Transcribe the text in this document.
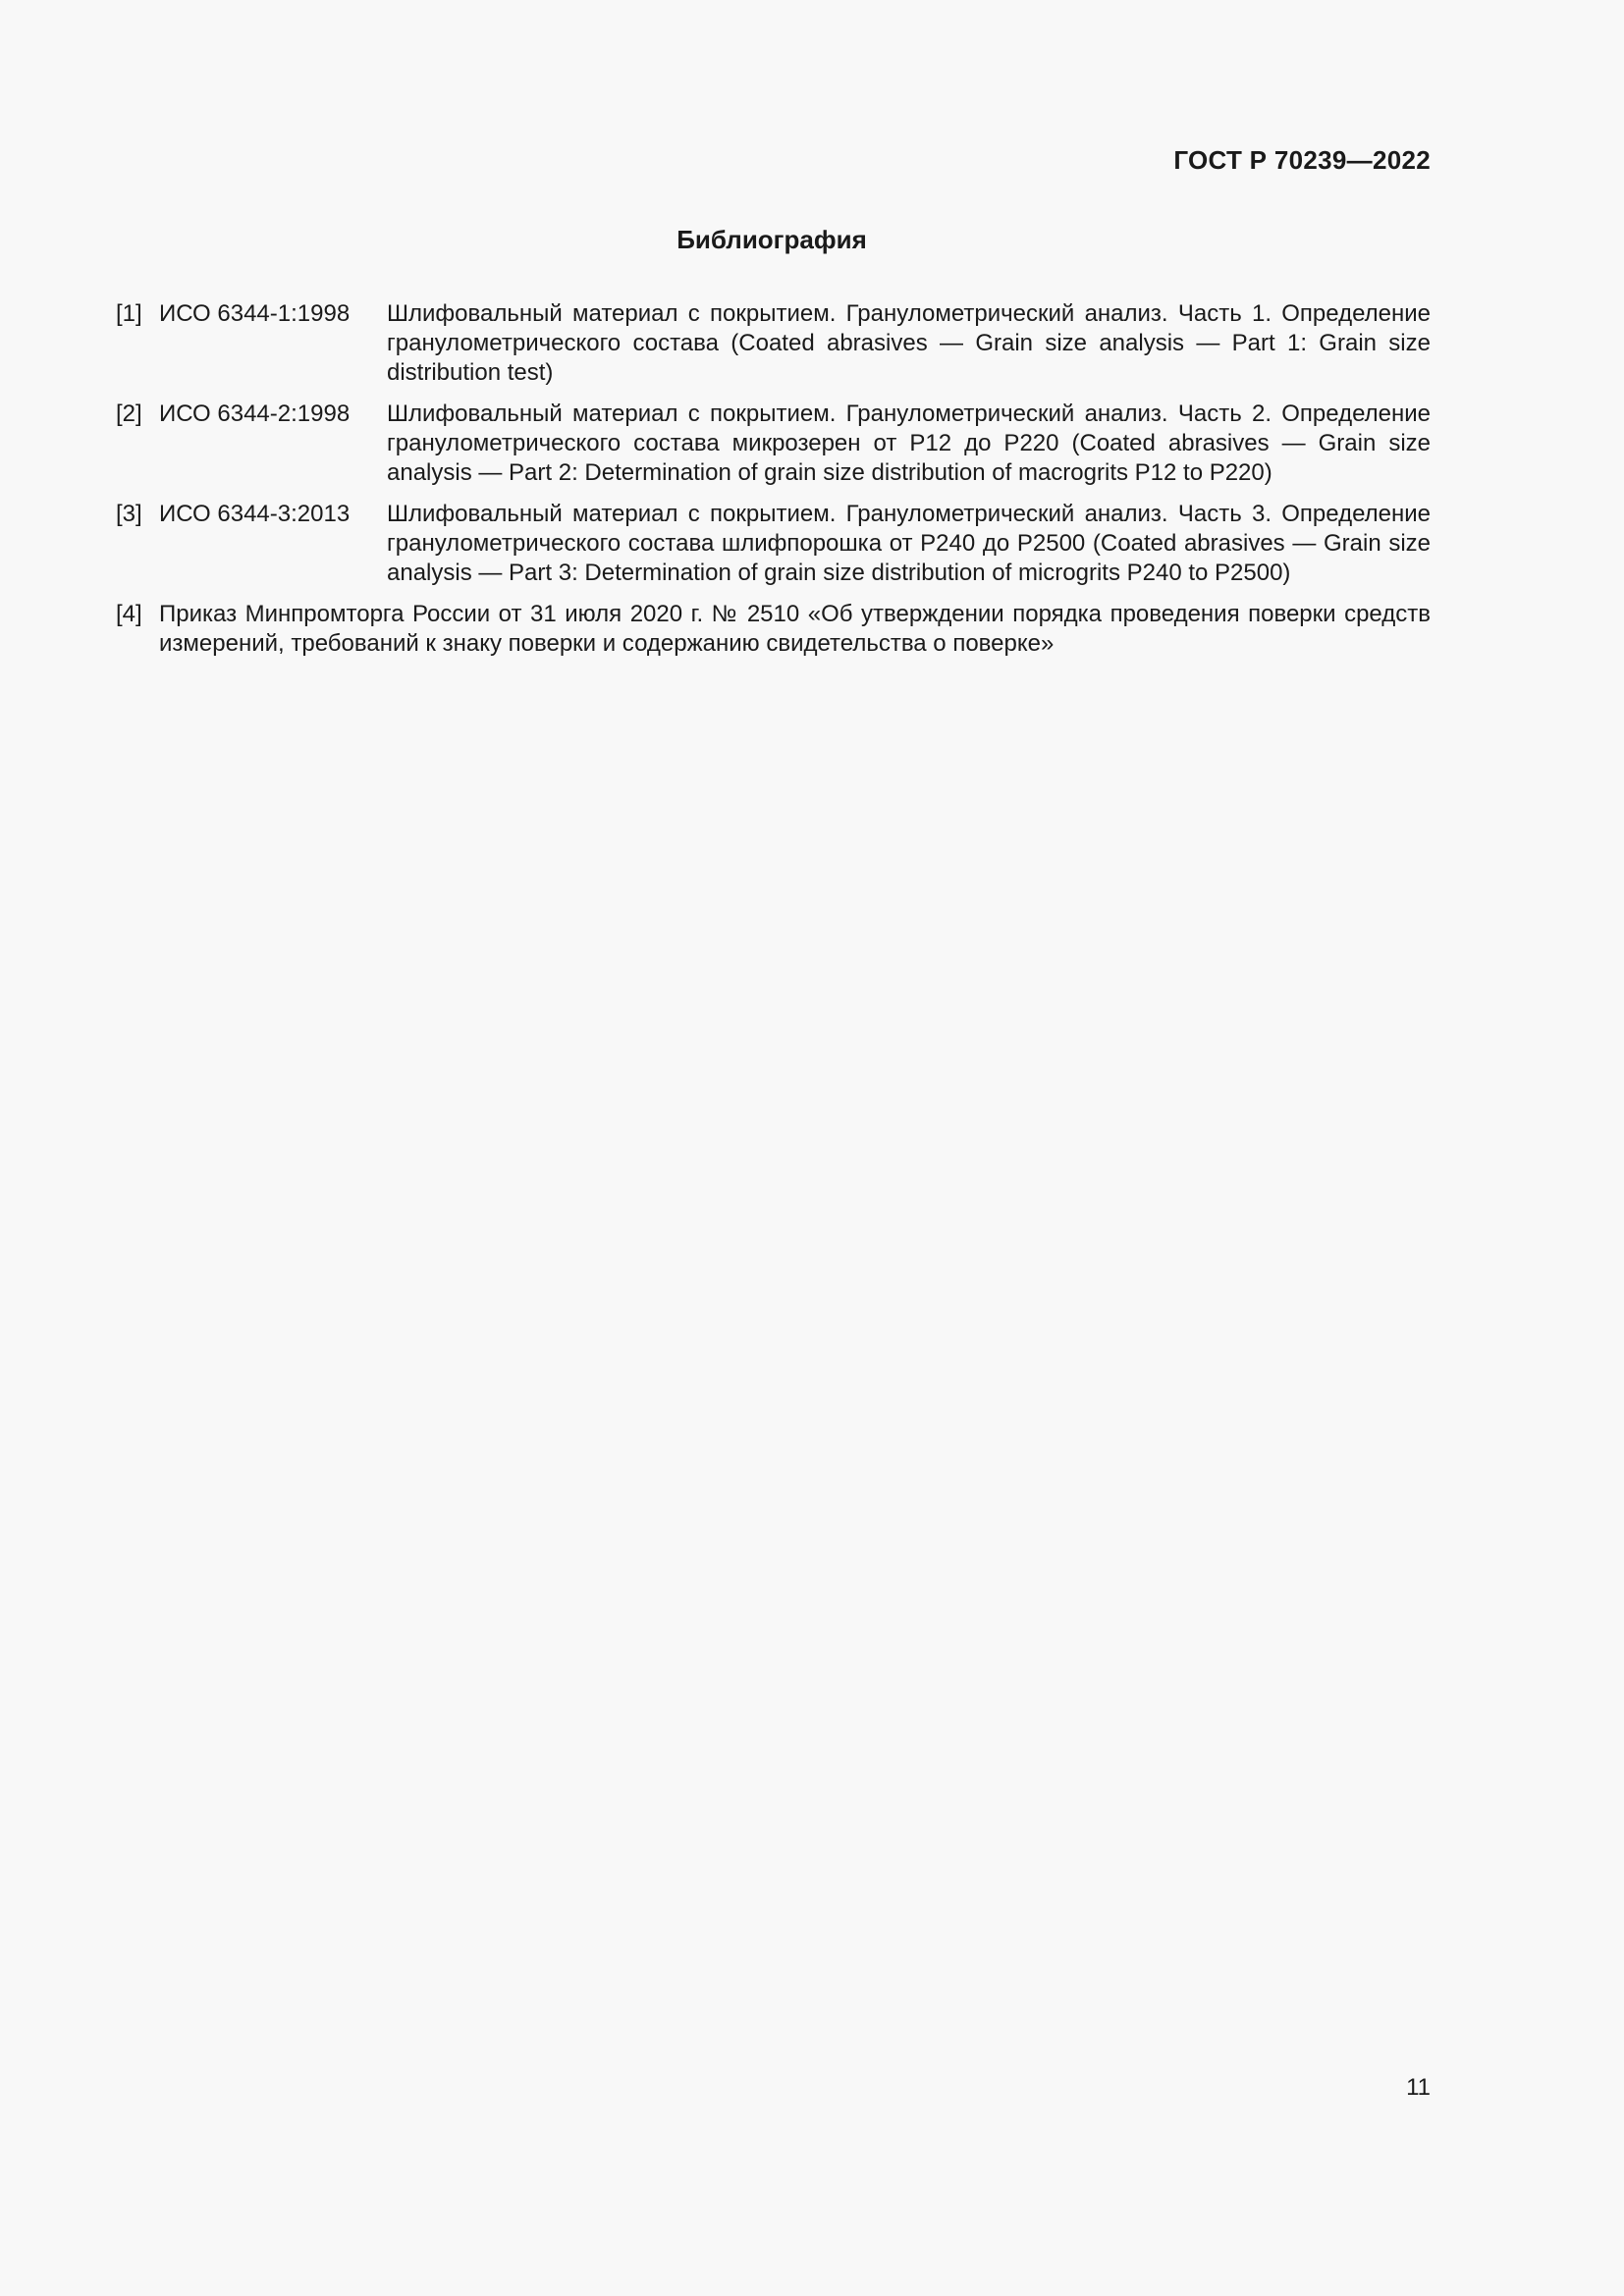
ГОСТ Р 70239—2022

Библиография
[1] ИСО 6344-1:1998	Шлифовальный материал с покрытием. Гранулометрический анализ. Часть 1. Определение гранулометрического состава (Coated abrasives — Grain size analysis — Part 1: Grain size distribution test)
[2] ИСО 6344-2:1998	Шлифовальный материал с покрытием. Гранулометрический анализ. Часть 2. Определение гранулометрического состава микрозерен от Р12 до Р220 (Coated abrasives — Grain size analysis — Part 2: Determination of grain size distribution of macrogrits P12 to P220)
[3] ИСО 6344-3:2013	Шлифовальный материал с покрытием. Гранулометрический анализ. Часть 3. Определение гранулометрического состава шлифпорошка от Р240 до Р2500 (Coated abrasives — Grain size analysis — Part 3: Determination of grain size distribution of microgrits P240 to P2500)
[4] Приказ Минпромторга России от 31 июля 2020 г. № 2510 «Об утверждении порядка проведения поверки средств измерений, требований к знаку поверки и содержанию свидетельства о поверке»

11
